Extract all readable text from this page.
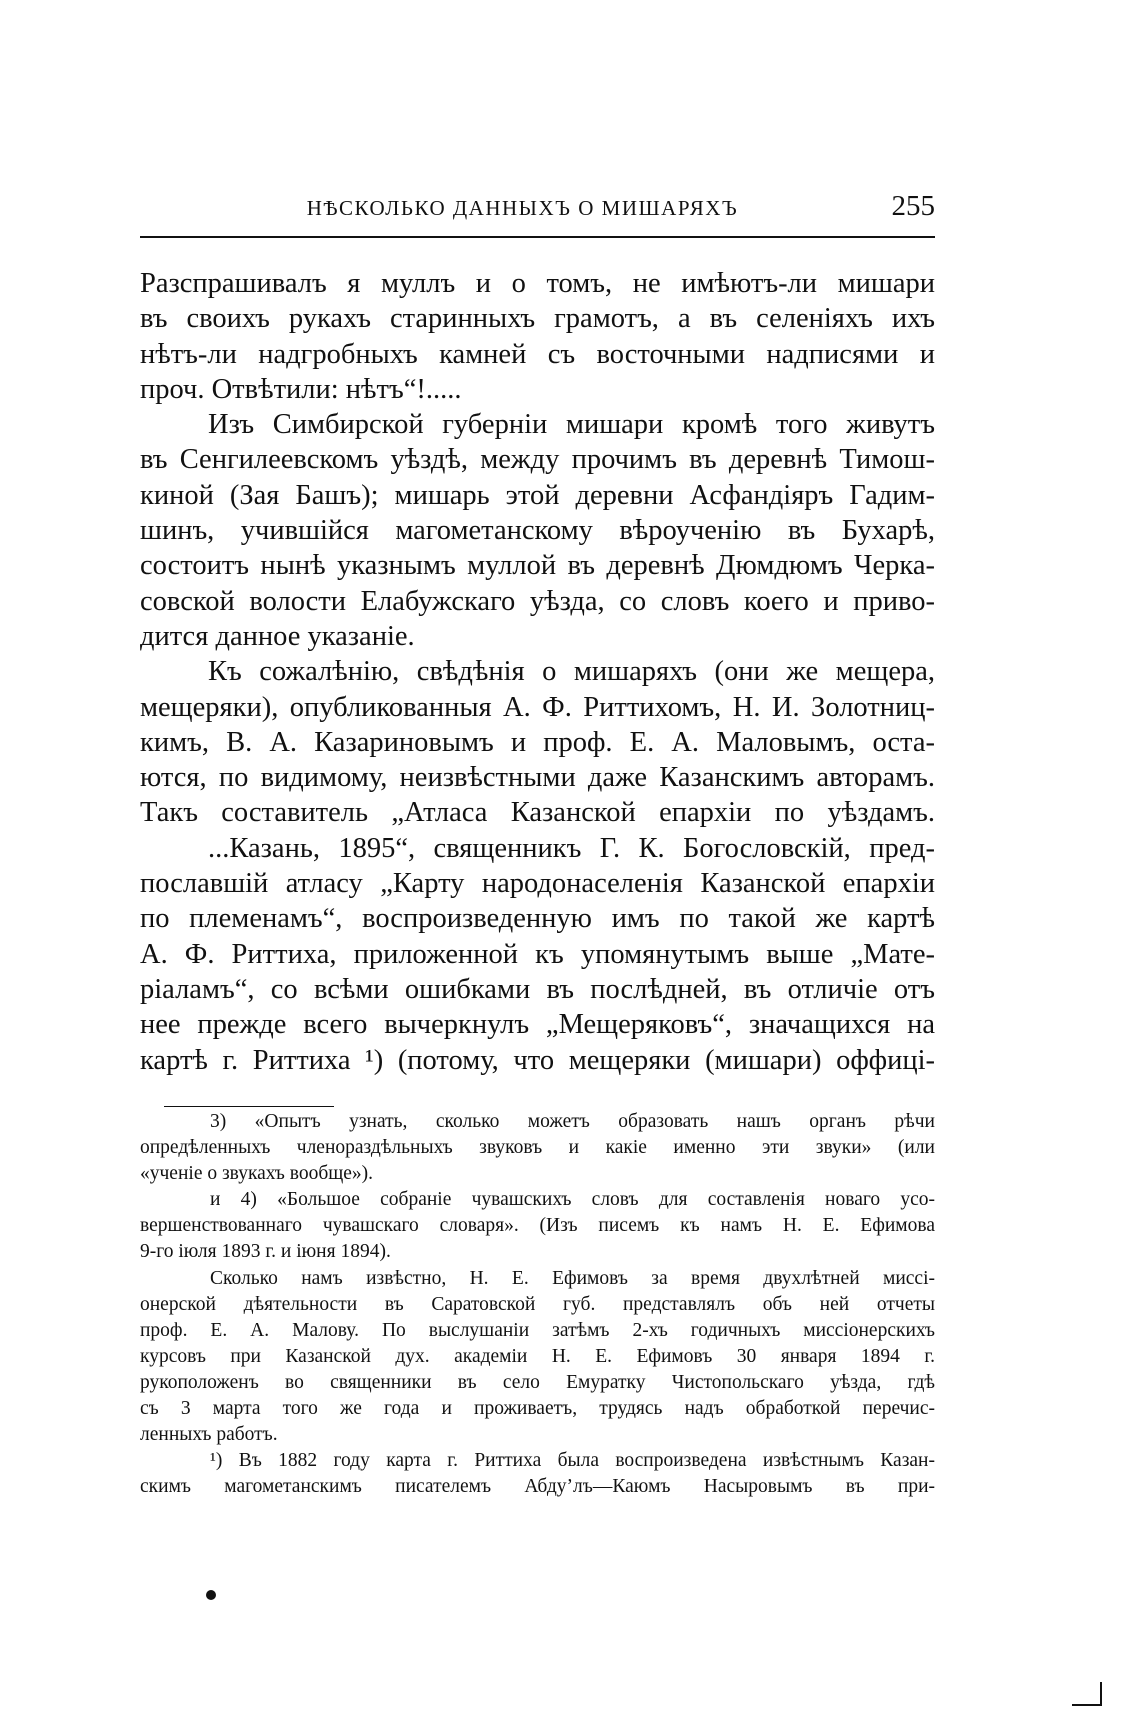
НѢСКОЛЬКО ДАННЫХЪ О МИШАРЯХЪ	255
Разспрашивалъ я муллъ и о томъ, не имѣютъ-ли мишари
въ своихъ рукахъ старинныхъ грамотъ, а въ селеніяхъ ихъ
нѣтъ-ли надгробныхъ камней съ восточными надписями и
проч. Отвѣтили: нѣтъ“!.....
Изъ Симбирской губерніи мишари кромѣ того живутъ
въ Сенгилеевскомъ уѣздѣ, между прочимъ въ деревнѣ Тимош-
киной (Зая Башъ); мишарь этой деревни Асфандіяръ Гадим-
шинъ, учившійся магометанскому вѣроученію въ Бухарѣ,
состоитъ нынѣ указнымъ муллой въ деревнѣ Дюмдюмъ Черка-
совской волости Елабужскаго уѣзда, со словъ коего и приво-
дится данное указаніе.
Къ сожалѣнію, свѣдѣнія о мишаряхъ (они же мещера,
мещеряки), опубликованныя А. Ф. Риттихомъ, Н. И. Золотниц-
кимъ, В. А. Казариновымъ и проф. Е. А. Маловымъ, оста-
ются, по видимому, неизвѣстными даже Казанскимъ авторамъ.
Такъ составитель „Атласа Казанской епархіи по уѣздамъ.
...Казань, 1895“, священникъ Г. К. Богословскій, пред-
пославшій атласу „Карту народонаселенія Казанской епархіи
по племенамъ“, воспроизведенную имъ по такой же картѣ
А. Ф. Риттиха, приложенной къ упомянутымъ выше „Мате-
ріаламъ“, со всѣми ошибками въ послѣдней, въ отличіе отъ
нее прежде всего вычеркнулъ „Мещеряковъ“, значащихся на
картѣ г. Риттиха ¹) (потому, что мещеряки (мишари) оффиці-
3) «Опытъ узнать, сколько можетъ образовать нашъ органъ рѣчи
опредѣленныхъ членораздѣльныхъ звуковъ и какіе именно эти звуки» (или
«ученіе о звукахъ вообще»).
и 4) «Большое собраніе чувашскихъ словъ для составленія новаго усо-
вершенствованнаго чувашскаго словаря». (Изъ писемъ къ намъ Н. Е. Ефимова
9-го іюля 1893 г. и іюня 1894).
Сколько намъ извѣстно, Н. Е. Ефимовъ за время двухлѣтней миссі-
онерской дѣятельности въ Саратовской губ. представлялъ объ ней отчеты
проф. Е. А. Малову. По выслушаніи затѣмъ 2-хъ годичныхъ миссіонерскихъ
курсовъ при Казанской дух. академіи Н. Е. Ефимовъ 30 января 1894 г.
рукоположенъ во священники въ село Емуратку Чистопольскаго уѣзда, гдѣ
съ 3 марта того же года и проживаетъ, трудясь надъ обработкой перечис-
ленныхъ работъ.
¹) Въ 1882 году карта г. Риттиха была воспроизведена извѣстнымъ Казан-
скимъ магометанскимъ писателемъ Абду’лъ—Каюмъ Насыровымъ въ при-
